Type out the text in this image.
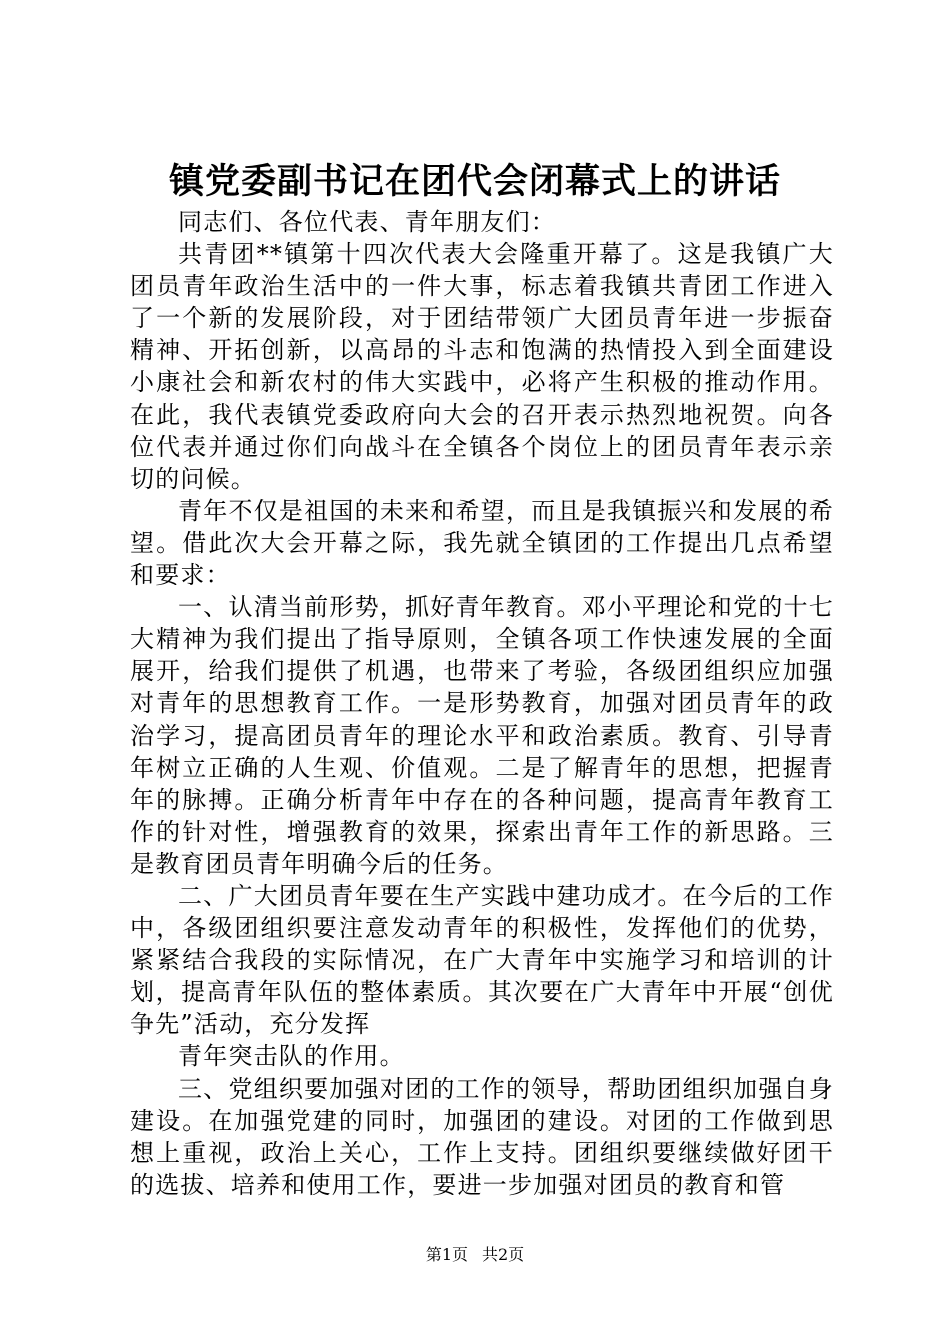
镇党委副书记在团代会闭幕式上的讲话

同志们、各位代表、青年朋友们：

共青团**镇第十四次代表大会隆重开幕了。这是我镇广大团员青年政治生活中的一件大事，标志着我镇共青团工作进入了一个新的发展阶段，对于团结带领广大团员青年进一步振奋精神、开拓创新，以高昂的斗志和饱满的热情投入到全面建设小康社会和新农村的伟大实践中，必将产生积极的推动作用。在此，我代表镇党委政府向大会的召开表示热烈地祝贺。向各位代表并通过你们向战斗在全镇各个岗位上的团员青年表示亲切的问候。

青年不仅是祖国的未来和希望，而且是我镇振兴和发展的希望。借此次大会开幕之际，我先就全镇团的工作提出几点希望和要求：

一、认清当前形势，抓好青年教育。邓小平理论和党的十七大精神为我们提出了指导原则，全镇各项工作快速发展的全面展开，给我们提供了机遇，也带来了考验，各级团组织应加强对青年的思想教育工作。一是形势教育，加强对团员青年的政治学习，提高团员青年的理论水平和政治素质。教育、引导青年树立正确的人生观、价值观。二是了解青年的思想，把握青年的脉搏。正确分析青年中存在的各种问题，提高青年教育工作的针对性，增强教育的效果，探索出青年工作的新思路。三是教育团员青年明确今后的任务。

二、广大团员青年要在生产实践中建功成才。在今后的工作中，各级团组织要注意发动青年的积极性，发挥他们的优势，紧紧结合我段的实际情况，在广大青年中实施学习和培训的计划，提高青年队伍的整体素质。其次要在广大青年中开展“创优争先”活动，充分发挥

青年突击队的作用。

三、党组织要加强对团的工作的领导，帮助团组织加强自身建设。在加强党建的同时，加强团的建设。对团的工作做到思想上重视，政治上关心，工作上支持。团组织要继续做好团干的选拔、培养和使用工作，要进一步加强对团员的教育和管

第1页 共2页
